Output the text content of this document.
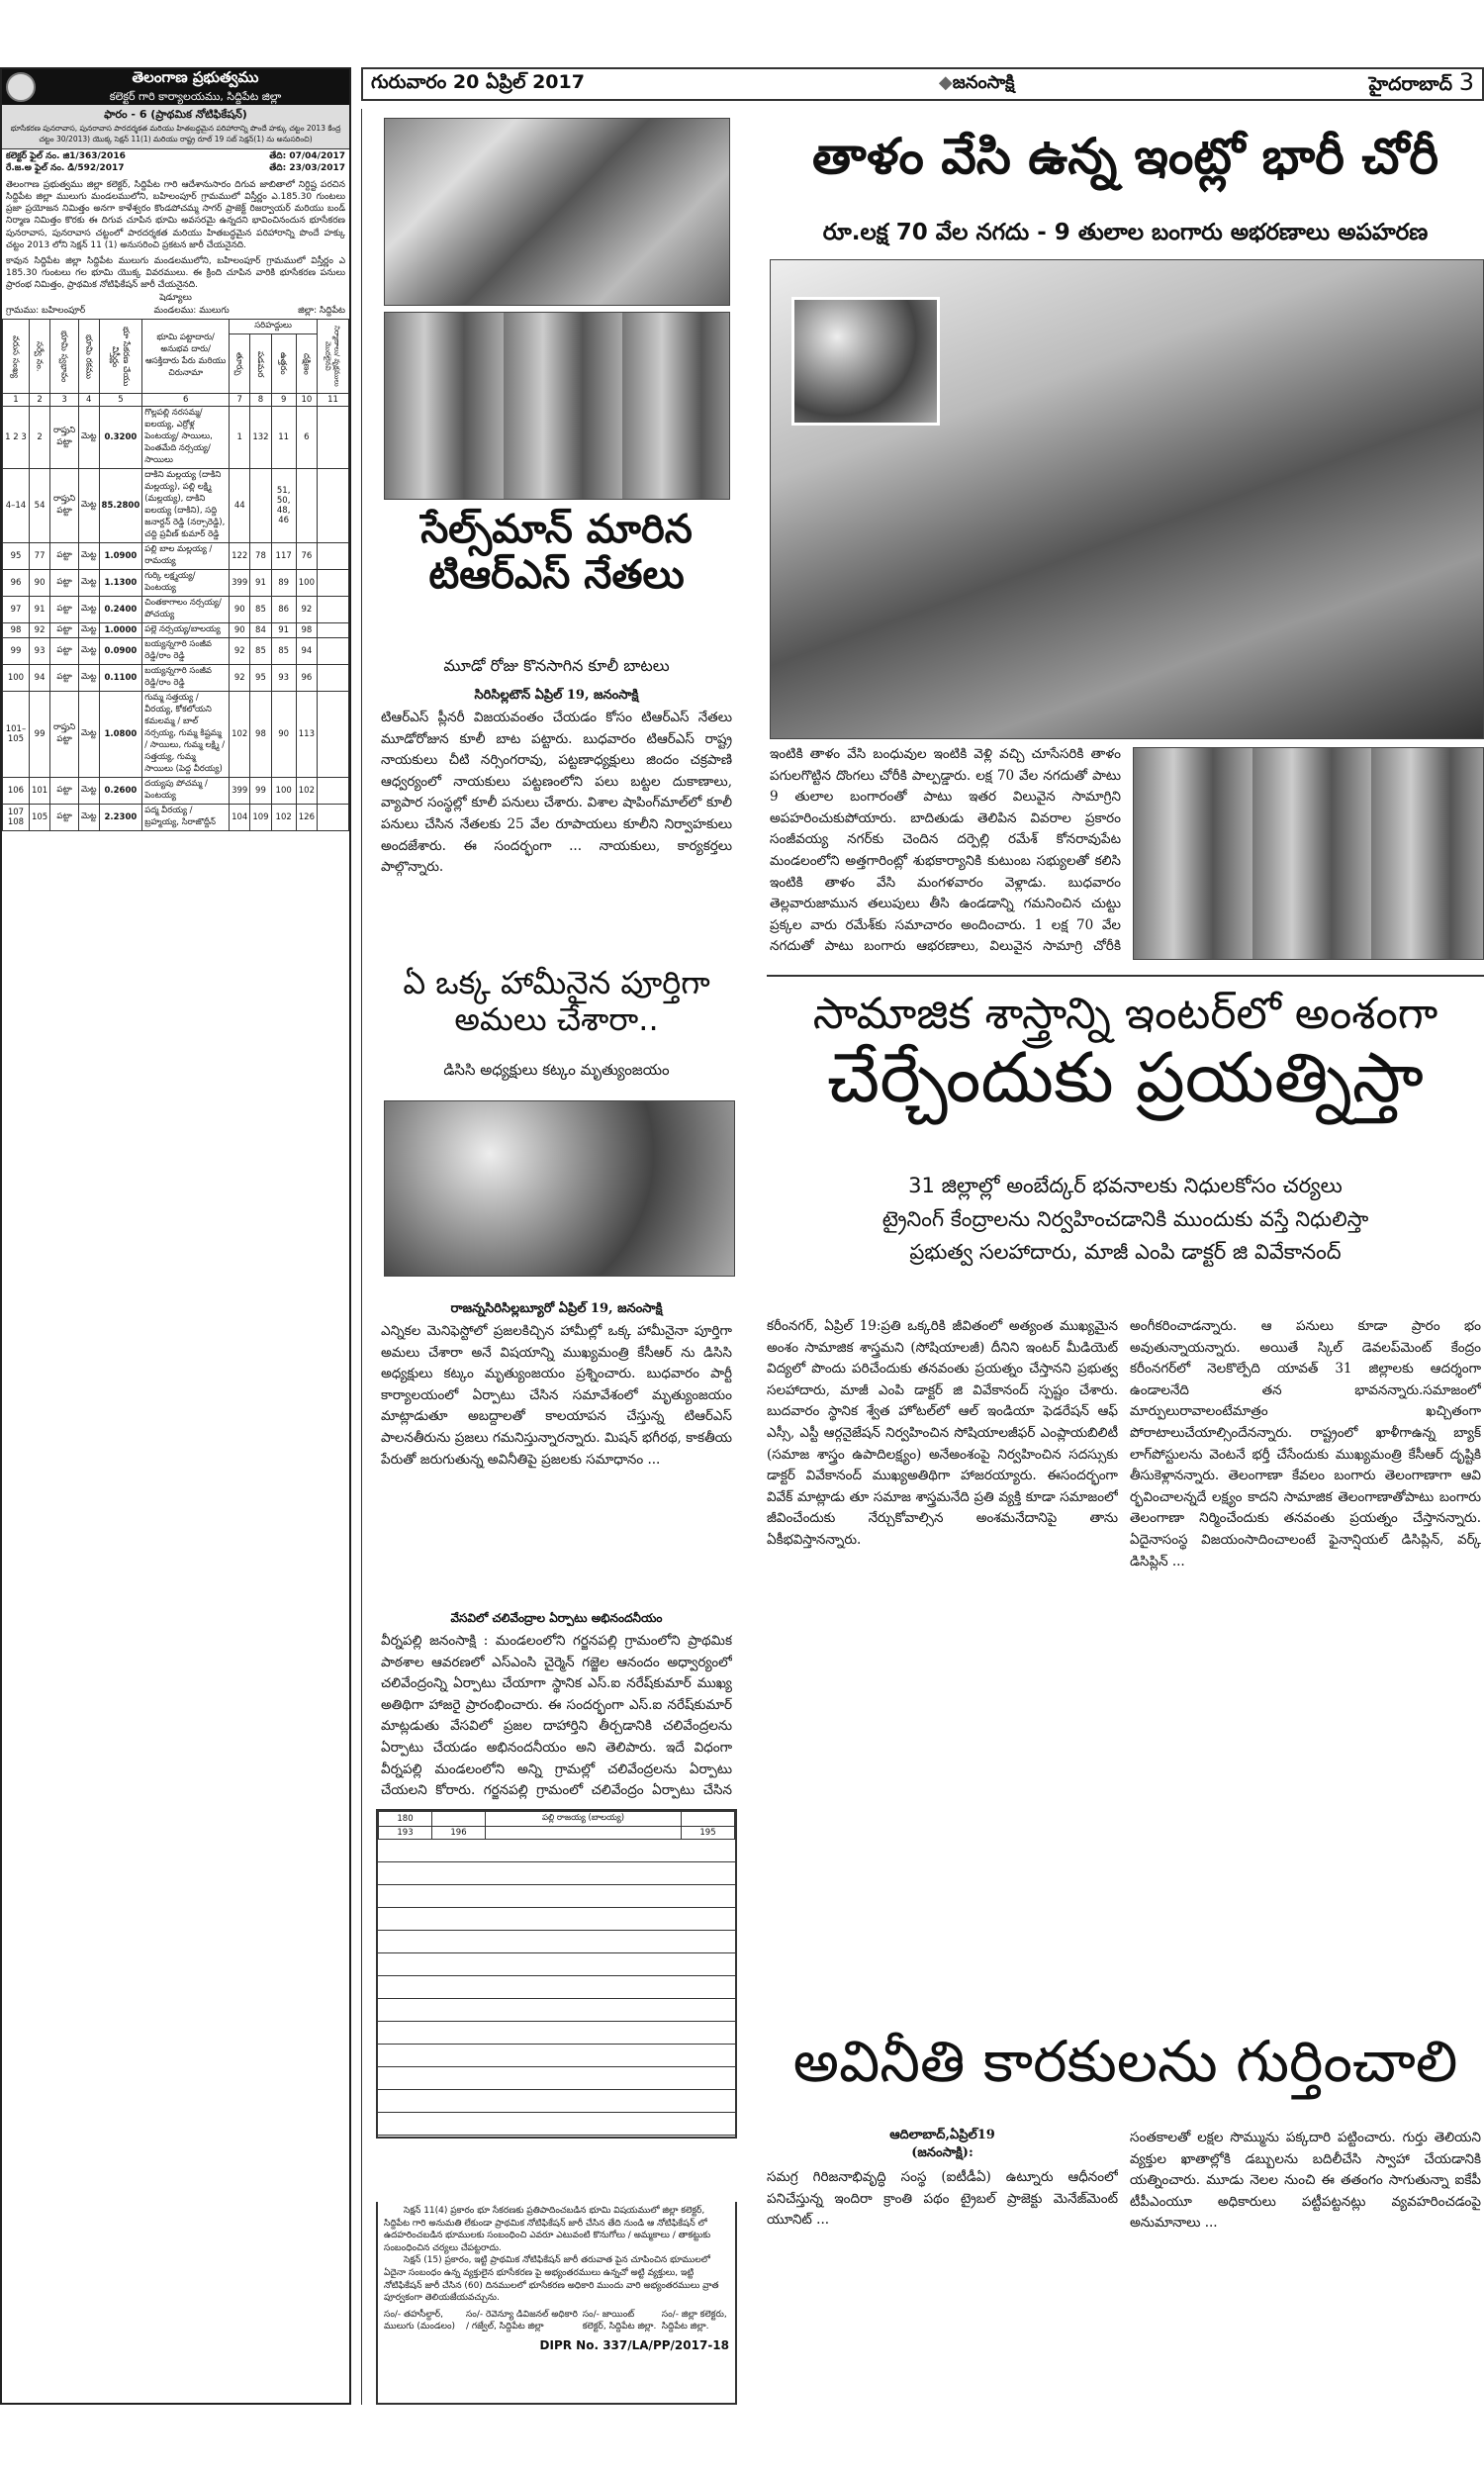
గురువారం 20 ఏప్రిల్ 2017	◆జనంసాక్షి	హైదరాబాద్ 3
తెలంగాణ ప్రభుత్వము
కలెక్టర్ గారి కార్యాలయము, సిద్దిపేట జిల్లా
ఫారం - 6 (ప్రాథమిక నోటిఫికేషన్)
భూసేకరణ పునరావాస, పునరావాస పారదర్శకత మరియు హితబద్ధమైన పరిహారాన్ని పొందే హక్కు చట్టం 2013 కేంద్ర చట్టం 30/2013) యొక్క సెక్షన్ 11(1) మరియు రాష్ట్ర రూల్ 19 సబ్ సెక్షన్(1) ను అనుసరించి)
కలెక్టర్ ఫైల్ నం. జి1/363/2016
రే.జ.అ ఫైల్ నం. డి/592/2017
తేది: 07/04/2017
తేది: 23/03/2017

తెలంగాణ ప్రభుత్వము జిల్లా కలెక్టర్, సిద్దిపేట గారి ఆదేశానుసారం దిగువ జాబితాలో నిర్దిష్ట పరచిన సిద్దిపేట జిల్లా ములుగు మండలములోని, బహిలంపూర్ గ్రామములో విస్తీర్ణం ఎ.185.30 గుంటలు ప్రజా ప్రయోజన నిమిత్తం అనగా కాళేశ్వరం కొండపోచమ్మ సాగర్ ప్రాజెక్ట్ రిజర్వాయర్ మరియు బండ్ నిర్మాణ నిమిత్తం కొరకు ఈ దిగువ చూపిన భూమి అవసరమై ఉన్నదని భావించినందున భూసేకరణ పునరావాస, పునరావాస చట్టంలో పారదర్శకత మరియు హితబద్ధమైన పరిహారాన్ని పొందే హక్కు చట్టం 2013 లోని సెక్షన్ 11 (1) అనుసరించి ప్రకటన జారీ చేయనైనది.

కావున సిద్దిపేట జిల్లా సిద్దిపేట ములుగు మండలములోని, బహిలంపూర్ గ్రామములో విస్తీర్ణం ఎ 185.30 గుంటలు గల భూమి యొక్క వివరములు. ఈ క్రింది చూపిన వారికి భూసేకరణ పనులు ప్రారంభ నిమిత్తం, ప్రాథమిక నోటిఫికేషన్ జారీ చేయనైనది.

షెడ్యూలు
గ్రామము: బహిలంపూర్	మండలము: ములుగు	జిల్లా: సిద్దిపేట
వరుస సంఖ్య	సర్వే నం.	భూమి స్వభావం	భూమి రకము	భూ సేకరణ చేయు విస్తీర్ణం	భూమి పట్టాదారు/ అనుభవ దారు/ ఆసక్తిదారు పేరు మరియు చిరునామా	సరిహద్దులు				నిర్మాణాలు/ వృక్షములు మొదలైనవి
						తూర్పు	పడమర	ఉత్తరం	దక్షిణం	
1	2	3	4	5	6	7	8	9	10	11
1 2 3	2	రాప్తుని పట్టా	మెట్ట	0.3200	గొల్లపల్లి నరసమ్మ/ ఐలయ్య, ఎర్రోళ్ల పెంటయ్య/ సాయిలు, పెంతమేది నర్సయ్య/ సాయిలు	1	132	11	6	
4–14	54	రాప్తుని పట్టా	మెట్ట	85.2800	దాకిని మల్లయ్య (దాకిని మల్లయ్య), పల్లి లక్ష్మి (మల్లయ్య), దాకిని ఐలయ్య (దాకిని), సద్ది జనార్దన్ రెడ్డి (నర్సారెడ్డి), చద్ది ప్రవీణ్ కుమార్ రెడ్డి	44		51, 50, 48, 46		
95	77	పట్టా	మెట్ట	1.0900	పల్లి బాల మల్లయ్య / రామయ్య	122	78	117	76	
96	90	పట్టా	మెట్ట	1.1300	గుర్కి లక్ష్మయ్య/పెంటయ్య	399	91	89	100	
97	91	పట్టా	మెట్ట	0.2400	చింతకాగాలం నర్సయ్య/పోచయ్య	90	85	86	92	
98	92	పట్టా	మెట్ట	1.0000	పల్లె నర్సయ్య/బాలయ్య	90	84	91	98	
99	93	పట్టా	మెట్ట	0.0900	బయ్యన్నగారి సంజీవ రెడ్డి/రాం రెడ్డి	92	85	85	94	
100	94	పట్టా	మెట్ట	0.1100	బయ్యన్నగారి సంజీవ రెడ్డి/రాం రెడ్డి	92	95	93	96	
101–105	99	రాప్తుని పట్టా	మెట్ట	1.0800	గుమ్మ సత్తయ్య / వీరయ్య, కోకలోయని కమలమ్మ / బాల్ నర్సయ్య, గుమ్మ కిష్టమ్మ / సాయిలు, గుమ్మ లక్ష్మి / సత్తయ్య, గుమ్మ సాయిలు (పెద్ద వీరయ్య)	102	98	90	113	
106	101	పట్టా	మెట్ట	0.2600	దయ్యపు పోచమ్మ / పెంటయ్య	399	99	100	102	
107 108	105	పట్టా	మెట్ట	2.2300	పద్మ వీరయ్య / బ్రహ్మయ్య, సిరాజొద్దీన్	104	109	102	126	
సేల్స్‌మాన్ మారిన
టిఆర్ఎస్ నేతలు
మూడో రోజు కొనసాగిన కూలీ బాటలు
సిరిసిల్లటౌన్ ఏప్రిల్ 19, జనంసాక్షి
టిఆర్ఎస్ ప్లీనరీ విజయవంతం చేయడం కోసం టిఆర్ఎస్ నేతలు మూడోరోజున కూలీ బాట పట్టారు. బుధవారం టిఆర్ఎస్ రాష్ట్ర నాయకులు చీటి నర్సింగరావు, పట్టణాధ్యక్షులు జిందం చక్రపాణి ఆధ్వర్యంలో నాయకులు పట్టణంలోని పలు బట్టల దుకాణాలు, వ్యాపార సంస్థల్లో కూలీ పనులు చేశారు. విశాల షాపింగ్‌మాల్‌లో కూలీ పనులు చేసిన నేతలకు 25 వేల రూపాయలు కూలీని నిర్వాహకులు అందజేశారు. ఈ సందర్భంగా ... నాయకులు, కార్యకర్తలు పాల్గొన్నారు.
ఏ ఒక్క హామీనైన పూర్తిగా
అమలు చేశారా..
డిసిసి అధ్యక్షులు కట్కం మృత్యుంజయం
రాజన్నసిరిసిల్లబ్యూరో ఏప్రిల్ 19, జనంసాక్షి
ఎన్నికల మెనిఫెస్టోలో ప్రజలకిచ్చిన హామీల్లో ఒక్క హామీనైనా పూర్తిగా అమలు చేశారా అనే విషయాన్ని ముఖ్యమంత్రి కేసీఆర్ ను డిసిసి అధ్యక్షులు కట్కం మృత్యుంజయం ప్రశ్నించారు. బుధవారం పార్టీ కార్యాలయంలో ఏర్పాటు చేసిన సమావేశంలో మృత్యుంజయం మాట్లాడుతూ అబద్దాలతో కాలయాపన చేస్తున్న టిఆర్ఎస్ పాలనతీరును ప్రజలు గమనిస్తున్నారన్నారు. మిషన్ భగీరథ, కాకతీయ పేరుతో జరుగుతున్న అవినీతిపై ప్రజలకు సమాధానం ...
వేసవిలో చలివేంద్రాల ఏర్పాటు అభినందనీయం
వీర్నపల్లి జనంసాక్షి : మండలంలోని గర్జనపల్లి గ్రామంలోని ప్రాథమిక పాఠశాల ఆవరణలో ఎస్ఎంసి చైర్మెన్ గజ్జెల ఆనందం అధ్వార్యంలో చలివేంద్రంన్ని ఏర్పాటు చేయాగా స్థానిక ఎస్.ఐ నరేష్‌కుమార్ ముఖ్య అతిథిగా హాజరై ప్రారంభించారు. ఈ సందర్భంగా ఎస్.ఐ నరేష్‌కుమార్ మాట్లడుతు వేసవిలో ప్రజల దాహార్తిని తీర్చడానికి చలివేంద్రలను ఏర్పాటు చేయడం అభినందనీయం అని తెలిపారు. ఇదే విధంగా వీర్నపల్లి మండలంలోని అన్ని గ్రామల్లో చలివేంద్రలను ఏర్పాటు చేయలని కోరారు. గర్జనపల్లి గ్రామంలో చలివేంద్రం ఏర్పాటు చేసిన
180		పల్లి రాజయ్య (బాలయ్య)	
193	196		195

సెక్షన్ 11(4) ప్రకారం భూ సేకరణకు ప్రతిపాదించబడిన భూమి విషయములో జిల్లా కలెక్టర్, సిద్దిపేట గారి అనుమతి లేకుండా ప్రాథమిక నోటిఫికేషన్ జారీ చేసిన తేది నుండి ఆ నోటిఫికేషన్ లో ఉదహరించబడిన భూములకు సంబంధించి ఎవరూ ఎటువంటి కొనుగోలు / అమ్మకాలు / తాకట్టుకు సంబంధించిన చర్యలు చేపట్టరాదు.

సెక్షన్ (15) ప్రకారం, ఇట్టి ప్రాథమిక నోటిఫికేషన్ జారీ తరువాత పైన చూపించిన భూములలో ఏదైనా సంబంధం ఉన్న వ్యక్తులైన భూసేకరణ పై అభ్యంతరములు ఉన్నచో అట్టి వ్యక్తులు, ఇట్టి నోటిఫికేషన్ జారీ చేసిన (60) దినములలో భూసేకరణ అధికారి ముందు వారి అభ్యంతరములు వ్రాత పూర్వకంగా తెలియజేయవచ్చును.

సం/- తహసీల్దార్, ములుగు (మండలం)
సం/- రెవెన్యూ డివిజనల్ అధికారి / గజ్వేల్, సిద్దిపేట జిల్లా
సం/- జాయింట్ కలెక్టర్, సిద్దిపేట జిల్లా.
సం/- జిల్లా కలెక్టరు, సిద్దిపేట జిల్లా.
DIPR No. 337/LA/PP/2017-18
తాళం వేసి ఉన్న ఇంట్లో భారీ చోరీ
రూ.లక్ష 70 వేల నగదు - 9 తులాల బంగారు అభరణాలు అపహరణ
ఇంటికి తాళం వేసి బంధువుల ఇంటికి వెళ్లి వచ్చి చూసేసరికి తాళం పగులగొట్టిన దొంగలు చోరీకి పాల్పడ్డారు. లక్ష 70 వేల నగదుతో పాటు 9 తులాల బంగారంతో పాటు ఇతర విలువైన సామాగ్రిని అపహరించుకుపోయారు. బాదితుడు తెలిపిన వివరాల ప్రకారం సంజీవయ్య నగర్‌కు చెందిన దర్పెల్లి రమేశ్ కోనరావుపేట మండలంలోని అత్తగారింట్లో శుభకార్యానికి కుటుంబ సభ్యులతో కలిసి ఇంటికి తాళం వేసి మంగళవారం వెళ్లాడు. బుధవారం తెల్లవారుజామున తలుపులు తీసి ఉండడాన్ని గమనించిన చుట్టు ప్రక్కల వారు రమేశ్‌కు సమాచారం అందించారు. 1 లక్ష 70 వేల నగదుతో పాటు బంగారు ఆభరణాలు, విలువైన సామాగ్రి చోరీకి
సామాజిక శాస్త్రాన్ని ఇంటర్‌లో అంశంగా
చేర్చేందుకు ప్రయత్నిస్తా
31 జిల్లాల్లో అంబేద్కర్ భవనాలకు నిధులకోసం చర్యలు
ట్రైనింగ్ కేంద్రాలను నిర్వహించడానికి ముందుకు వస్తే నిధులిస్తా
ప్రభుత్వ సలహాదారు, మాజీ ఎంపి డాక్టర్ జి వివేకానంద్
కరీంనగర్, ఏప్రిల్ 19:ప్రతి ఒక్కరికి జీవితంలో అత్యంత ముఖ్యమైన అంశం సామాజిక శాస్త్రమని (సోషియాలజీ) దీనిని ఇంటర్ మీడియెట్ విద్యలో పొందు పరిచేందుకు తనవంతు ప్రయత్నం చేస్తానని ప్రభుత్వ సలహాదారు, మాజీ ఎంపి డాక్టర్ జి వివేకానంద్ స్పష్టం చేశారు. బుదవారం స్థానిక శ్వేత హోటల్‌లో ఆల్ ఇండియా ఫెడరేషన్ ఆఫ్ ఎస్సీ, ఎస్టీ ఆర్గనైజేషన్ నిర్వహించిన సోషియాలజీఫర్ ఎంప్లాయబిలిటీ (సమాజ శాస్త్రం ఉపాదిలక్ష్యం) అనేఅంశంపై నిర్వహించిన సదస్సుకు డాక్టర్ వివేకానంద్ ముఖ్యఅతిథిగా హాజరయ్యారు. ఈసందర్భంగా వివేక్ మాట్లాడు తూ సమాజ శాస్త్రమనేది ప్రతి వ్యక్తి కూడా సమాజంలో జీవించేందుకు నేర్చుకోవాల్సిన అంశమనేదానిపై తాను ఏకీభవిస్తానన్నారు.
అంగీకరించాడన్నారు. ఆ పనులు కూడా ప్రారం భం అవుతున్నాయన్నారు. అయితే స్కిల్ డెవలప్‌మెంట్ కేంద్రం కరీంనగర్‌లో నెలకొల్పేది యావత్ 31 జిల్లాలకు ఆదర్శంగా ఉండాలనేది తన భావనన్నారు.సమాజంలో మార్పులురావాలంటేమాత్రం ఖచ్చితంగా పోరాటాలుచేయాల్సిందేనన్నారు. రాష్ట్రంలో ఖాళీగాఉన్న బ్యాక్ లాగ్‌పోస్టులను వెంటనే భర్తీ చేసేందుకు ముఖ్యమంత్రి కేసీఆర్ దృష్టికి తీసుకెళ్లానన్నారు. తెలంగాణా కేవలం బంగారు తెలంగాణాగా ఆవి ర్భవించాలన్నదే లక్ష్యం కాదని సామాజిక తెలంగాణాతోపాటు బంగారు తెలంగాణా నిర్మించేందుకు తనవంతు ప్రయత్నం చేస్తానన్నారు. ఏదైనాసంస్థ విజయంసాదించాలంటే ఫైనాన్షియల్ డిసిప్లిన్, వర్క్ డిసిప్లిన్ ...
అవినీతి కారకులను గుర్తించాలి
ఆదిలాబాద్,ఏప్రిల్19
(జనంసాక్షి):
సమగ్ర గిరిజనాభివృద్ధి సంస్థ (ఐటీడీఏ) ఉట్నూరు ఆధీనంలో పనిచేస్తున్న ఇందిరా క్రాంతి పథం ట్రైబల్ ప్రాజెక్టు మెనేజ్‌మెంట్ యూనిట్ ...
సంతకాలతో లక్షల సొమ్మును పక్కదారి పట్టించారు. గుర్తు తెలియని వ్యక్తుల ఖాతాల్లోకి డబ్బులను బదిలీచేసి స్వాహా చేయడానికి యత్నించారు. మూడు నెలల నుంచి ఈ తతంగం సాగుతున్నా ఐకేపీ టీపీఎంయూ అధికారులు పట్టీపట్టనట్లు వ్యవహరించడంపై అనుమానాలు ...
